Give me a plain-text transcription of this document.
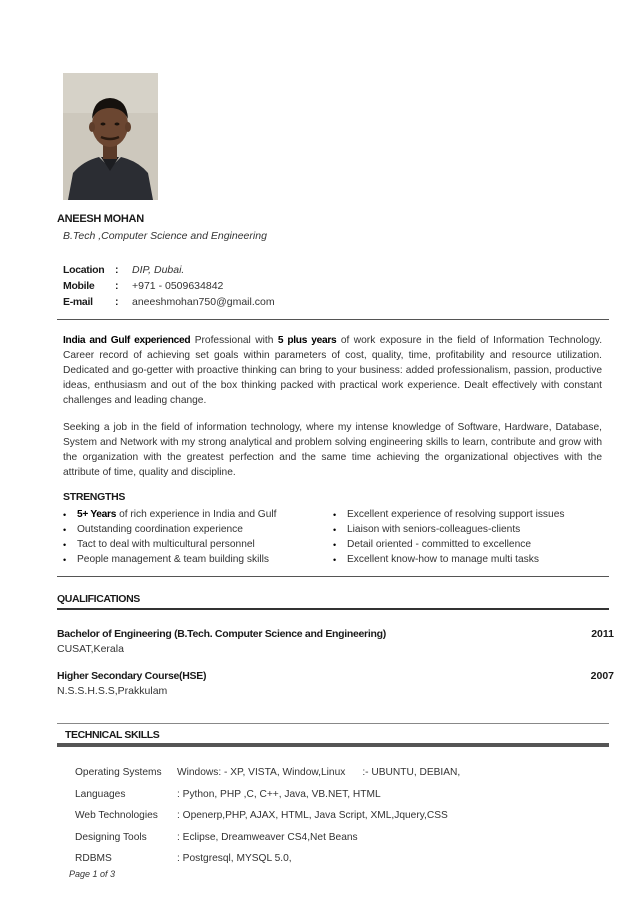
ANEESH MOHAN
B.Tech ,Computer Science and Engineering
Location	:	DIP, Dubai.
Mobile	:	+971 - 0509634842
E-mail	:	aneeshmohan750@gmail.com

India and Gulf experienced Professional with 5 plus years of work exposure in the field of Information Technology. Career record of achieving set goals within parameters of cost, quality, time, profitability and resource utilization. Dedicated and go-getter with proactive thinking can bring to your business: added professionalism, passion, productive ideas, enthusiasm and out of the box thinking packed with practical work experience. Dealt effectively with constant challenges and leading change.

Seeking a job in the field of information technology, where my intense knowledge of Software, Hardware, Database, System and Network with my strong analytical and problem solving engineering skills to learn, contribute and grow with the organization with the greatest perfection and the same time achieving the organizational objectives with the attribute of time, quality and discipline.

STRENGTHS
•	5+ Years of rich experience in India and Gulf
•	Outstanding coordination experience
•	Tact to deal with multicultural personnel
•	People management & team building skills
•	Excellent experience of resolving support issues
•	Liaison with seniors-colleagues-clients
•	Detail oriented - committed to excellence
•	Excellent know-how to manage multi tasks
QUALIFICATIONS
Bachelor of Engineering (B.Tech. Computer Science and Engineering)	2011
CUSAT,Kerala
Higher Secondary Course(HSE)	2007
N.S.S.H.S.S,Prakkulam
TECHNICAL SKILLS
Operating Systems	Windows: - XP, VISTA, Window,Linux      :- UBUNTU, DEBIAN,
Languages	: Python, PHP ,C, C++, Java, VB.NET, HTML
Web Technologies	: Openerp,PHP, AJAX, HTML, Java Script, XML,Jquery,CSS
Designing Tools	: Eclipse, Dreamweaver CS4,Net Beans
RDBMS	: Postgresql, MYSQL 5.0,
Page 1 of 3
